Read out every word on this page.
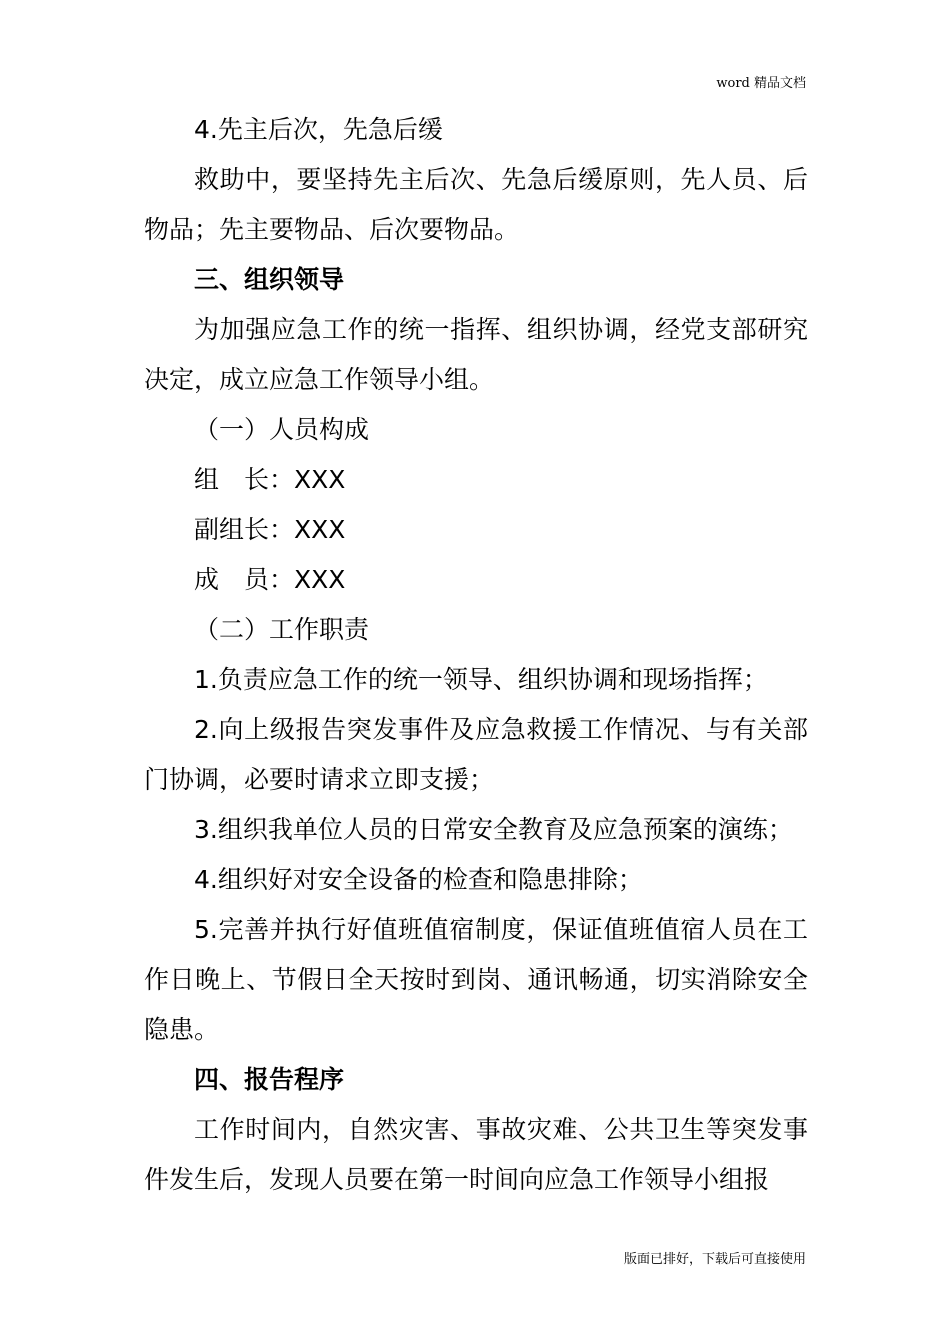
word 精品文档

4.先主后次，先急后缓

救助中，要坚持先主后次、先急后缓原则，先人员、后物品；先主要物品、后次要物品。

三、组织领导

为加强应急工作的统一指挥、组织协调，经党支部研究决定，成立应急工作领导小组。

（一）人员构成

组　长：XXX

副组长：XXX

成　员：XXX

（二）工作职责

1.负责应急工作的统一领导、组织协调和现场指挥；

2.向上级报告突发事件及应急救援工作情况、与有关部门协调，必要时请求立即支援；

3.组织我单位人员的日常安全教育及应急预案的演练；

4.组织好对安全设备的检查和隐患排除；

5.完善并执行好值班值宿制度，保证值班值宿人员在工作日晚上、节假日全天按时到岗、通讯畅通，切实消除安全隐患。

四、报告程序

工作时间内，自然灾害、事故灾难、公共卫生等突发事件发生后，发现人员要在第一时间向应急工作领导小组报

版面已排好，下载后可直接使用
